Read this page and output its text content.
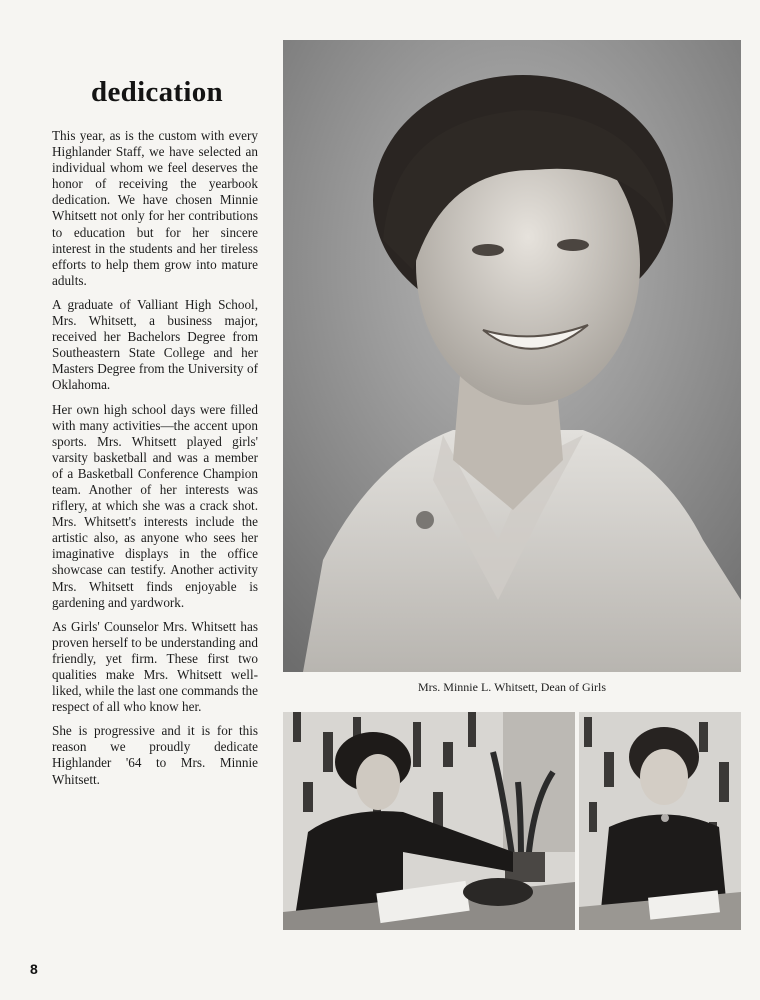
dedication

This year, as is the custom with every Highlander Staff, we have selected an individual whom we feel deserves the honor of receiving the yearbook dedication. We have chosen Minnie Whitsett not only for her contributions to education but for her sincere interest in the students and her tireless efforts to help them grow into mature adults.

A graduate of Valliant High School, Mrs. Whitsett, a business major, received her Bachelors Degree from Southeastern State College and her Masters Degree from the University of Oklahoma.

Her own high school days were filled with many activities—the accent upon sports. Mrs. Whitsett played girls' varsity basketball and was a member of a Basketball Conference Champion team. Another of her interests was riflery, at which she was a crack shot. Mrs. Whitsett's interests include the artistic also, as anyone who sees her imaginative displays in the office showcase can testify. Another activity Mrs. Whitsett finds enjoyable is gardening and yardwork.

As Girls' Counselor Mrs. Whitsett has proven herself to be understanding and friendly, yet firm. These first two qualities make Mrs. Whitsett well-liked, while the last one commands the respect of all who know her.

She is progressive and it is for this reason we proudly dedicate Highlander '64 to Mrs. Minnie Whitsett.

Mrs. Minnie L. Whitsett, Dean of Girls
8
